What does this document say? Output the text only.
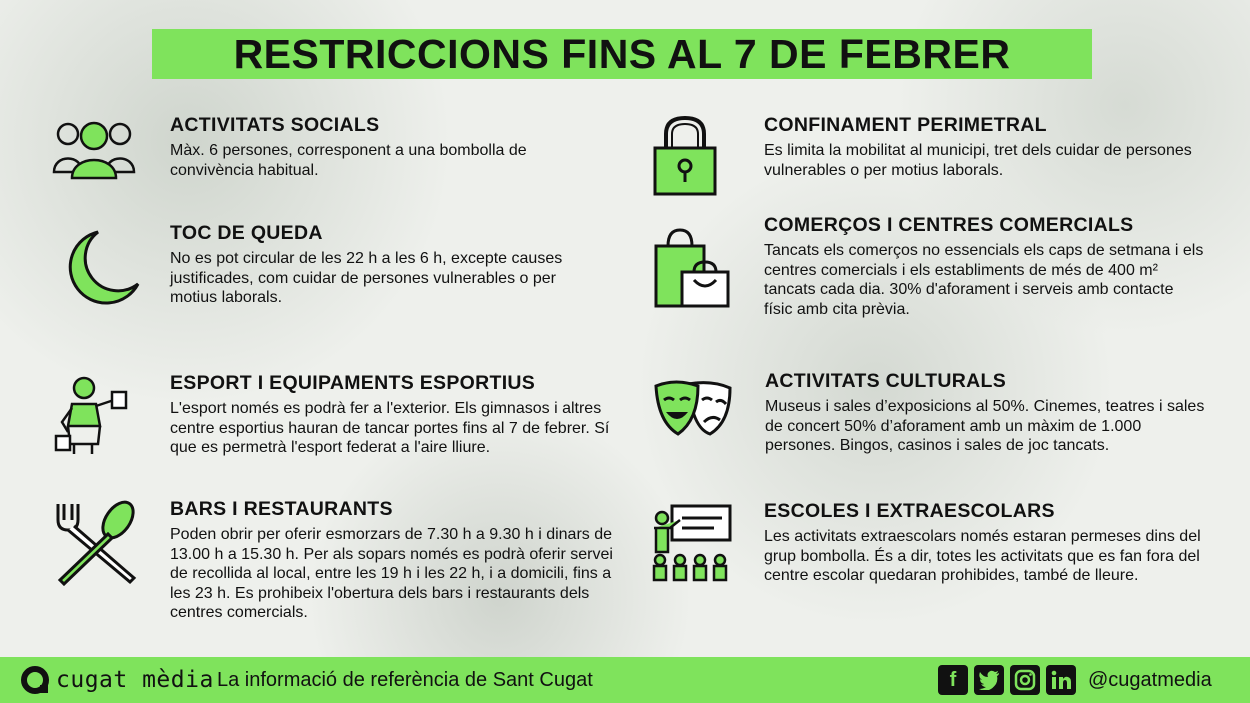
RESTRICCIONS FINS AL 7 DE FEBRER
ACTIVITATS SOCIALS

Màx. 6 persones, corresponent a una bombolla de convivència habitual.

TOC DE QUEDA

No es pot circular de les 22 h a les 6 h, excepte causes justificades, com cuidar de persones vulnerables o per motius laborals.

ESPORT I EQUIPAMENTS ESPORTIUS

L'esport només es podrà fer a l'exterior. Els gimnasos i altres centre esportius hauran de tancar portes fins al 7 de febrer. Sí que es permetrà l'esport federat a l'aire lliure.

BARS I RESTAURANTS

Poden obrir per oferir esmorzars de 7.30 h a 9.30 h i dinars de 13.00 h a 15.30 h. Per als sopars només es podrà oferir servei de recollida al local, entre les 19 h i les 22 h, i a domicili, fins a les 23 h. Es prohibeix l'obertura dels bars i restaurants dels centres comercials.

CONFINAMENT PERIMETRAL

Es limita la mobilitat al municipi, tret dels cuidar de persones vulnerables o per motius laborals.

COMERÇOS I CENTRES COMERCIALS

Tancats els comerços no essencials els caps de setmana i els centres comercials i els establiments de més de 400 m² tancats cada dia. 30% d'aforament i serveis amb contacte físic amb cita prèvia.

ACTIVITATS CULTURALS

Museus i sales d’exposicions al 50%. Cinemes, teatres i sales de concert 50% d’aforament amb un màxim de 1.000 persones. Bingos, casinos i sales de joc tancats.

ESCOLES I EXTRAESCOLARS

Les activitats extraescolars només estaran permeses dins del grup bombolla. És a dir, totes les activitats que es fan fora del centre escolar quedaran prohibides, també de lleure.

cugat mèdia La informació de referència de Sant Cugat	f	@cugatmedia
